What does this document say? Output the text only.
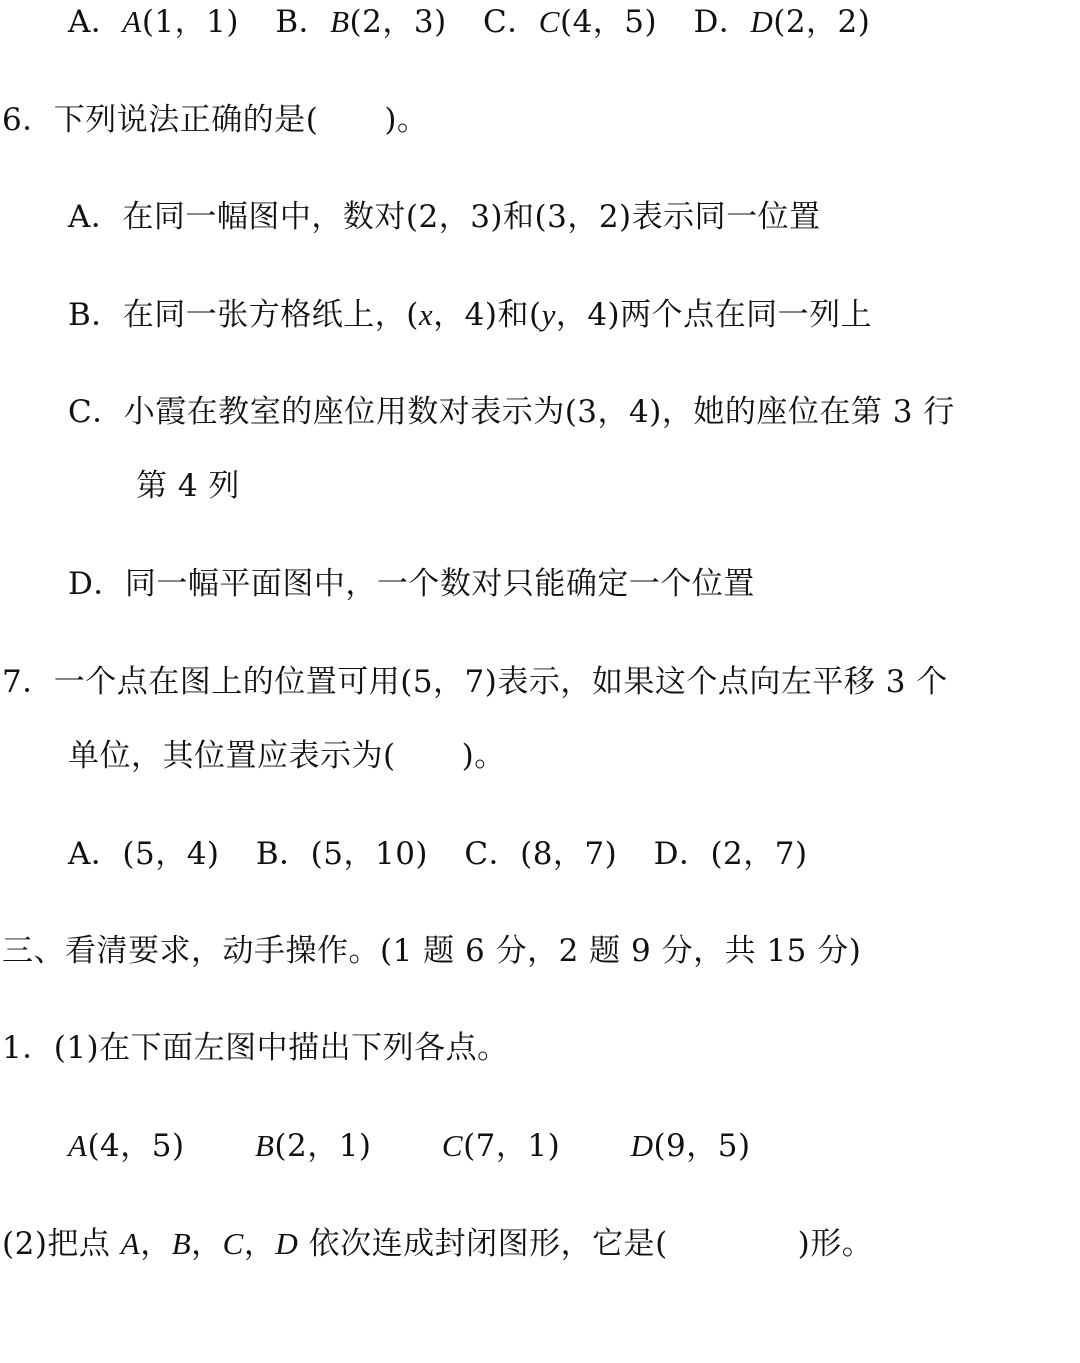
A．A(1，1) B．B(2，3) C．C(4，5) D．D(2，2)
6．下列说法正确的是( )。
A．在同一幅图中，数对(2，3)和(3，2)表示同一位置
B．在同一张方格纸上，(x，4)和(y，4)两个点在同一列上
C．小霞在教室的座位用数对表示为(3，4)，她的座位在第 3 行
第 4 列
D．同一幅平面图中，一个数对只能确定一个位置
7．一个点在图上的位置可用(5，7)表示，如果这个点向左平移 3 个
单位，其位置应表示为( )。
A．(5，4) B．(5，10) C．(8，7) D．(2，7)
三、看清要求，动手操作。(1 题 6 分，2 题 9 分，共 15 分)
1．(1)在下面左图中描出下列各点。
A(4，5) B(2，1) C(7，1) D(9，5)
(2)把点 A，B，C，D 依次连成封闭图形，它是(	)形。
